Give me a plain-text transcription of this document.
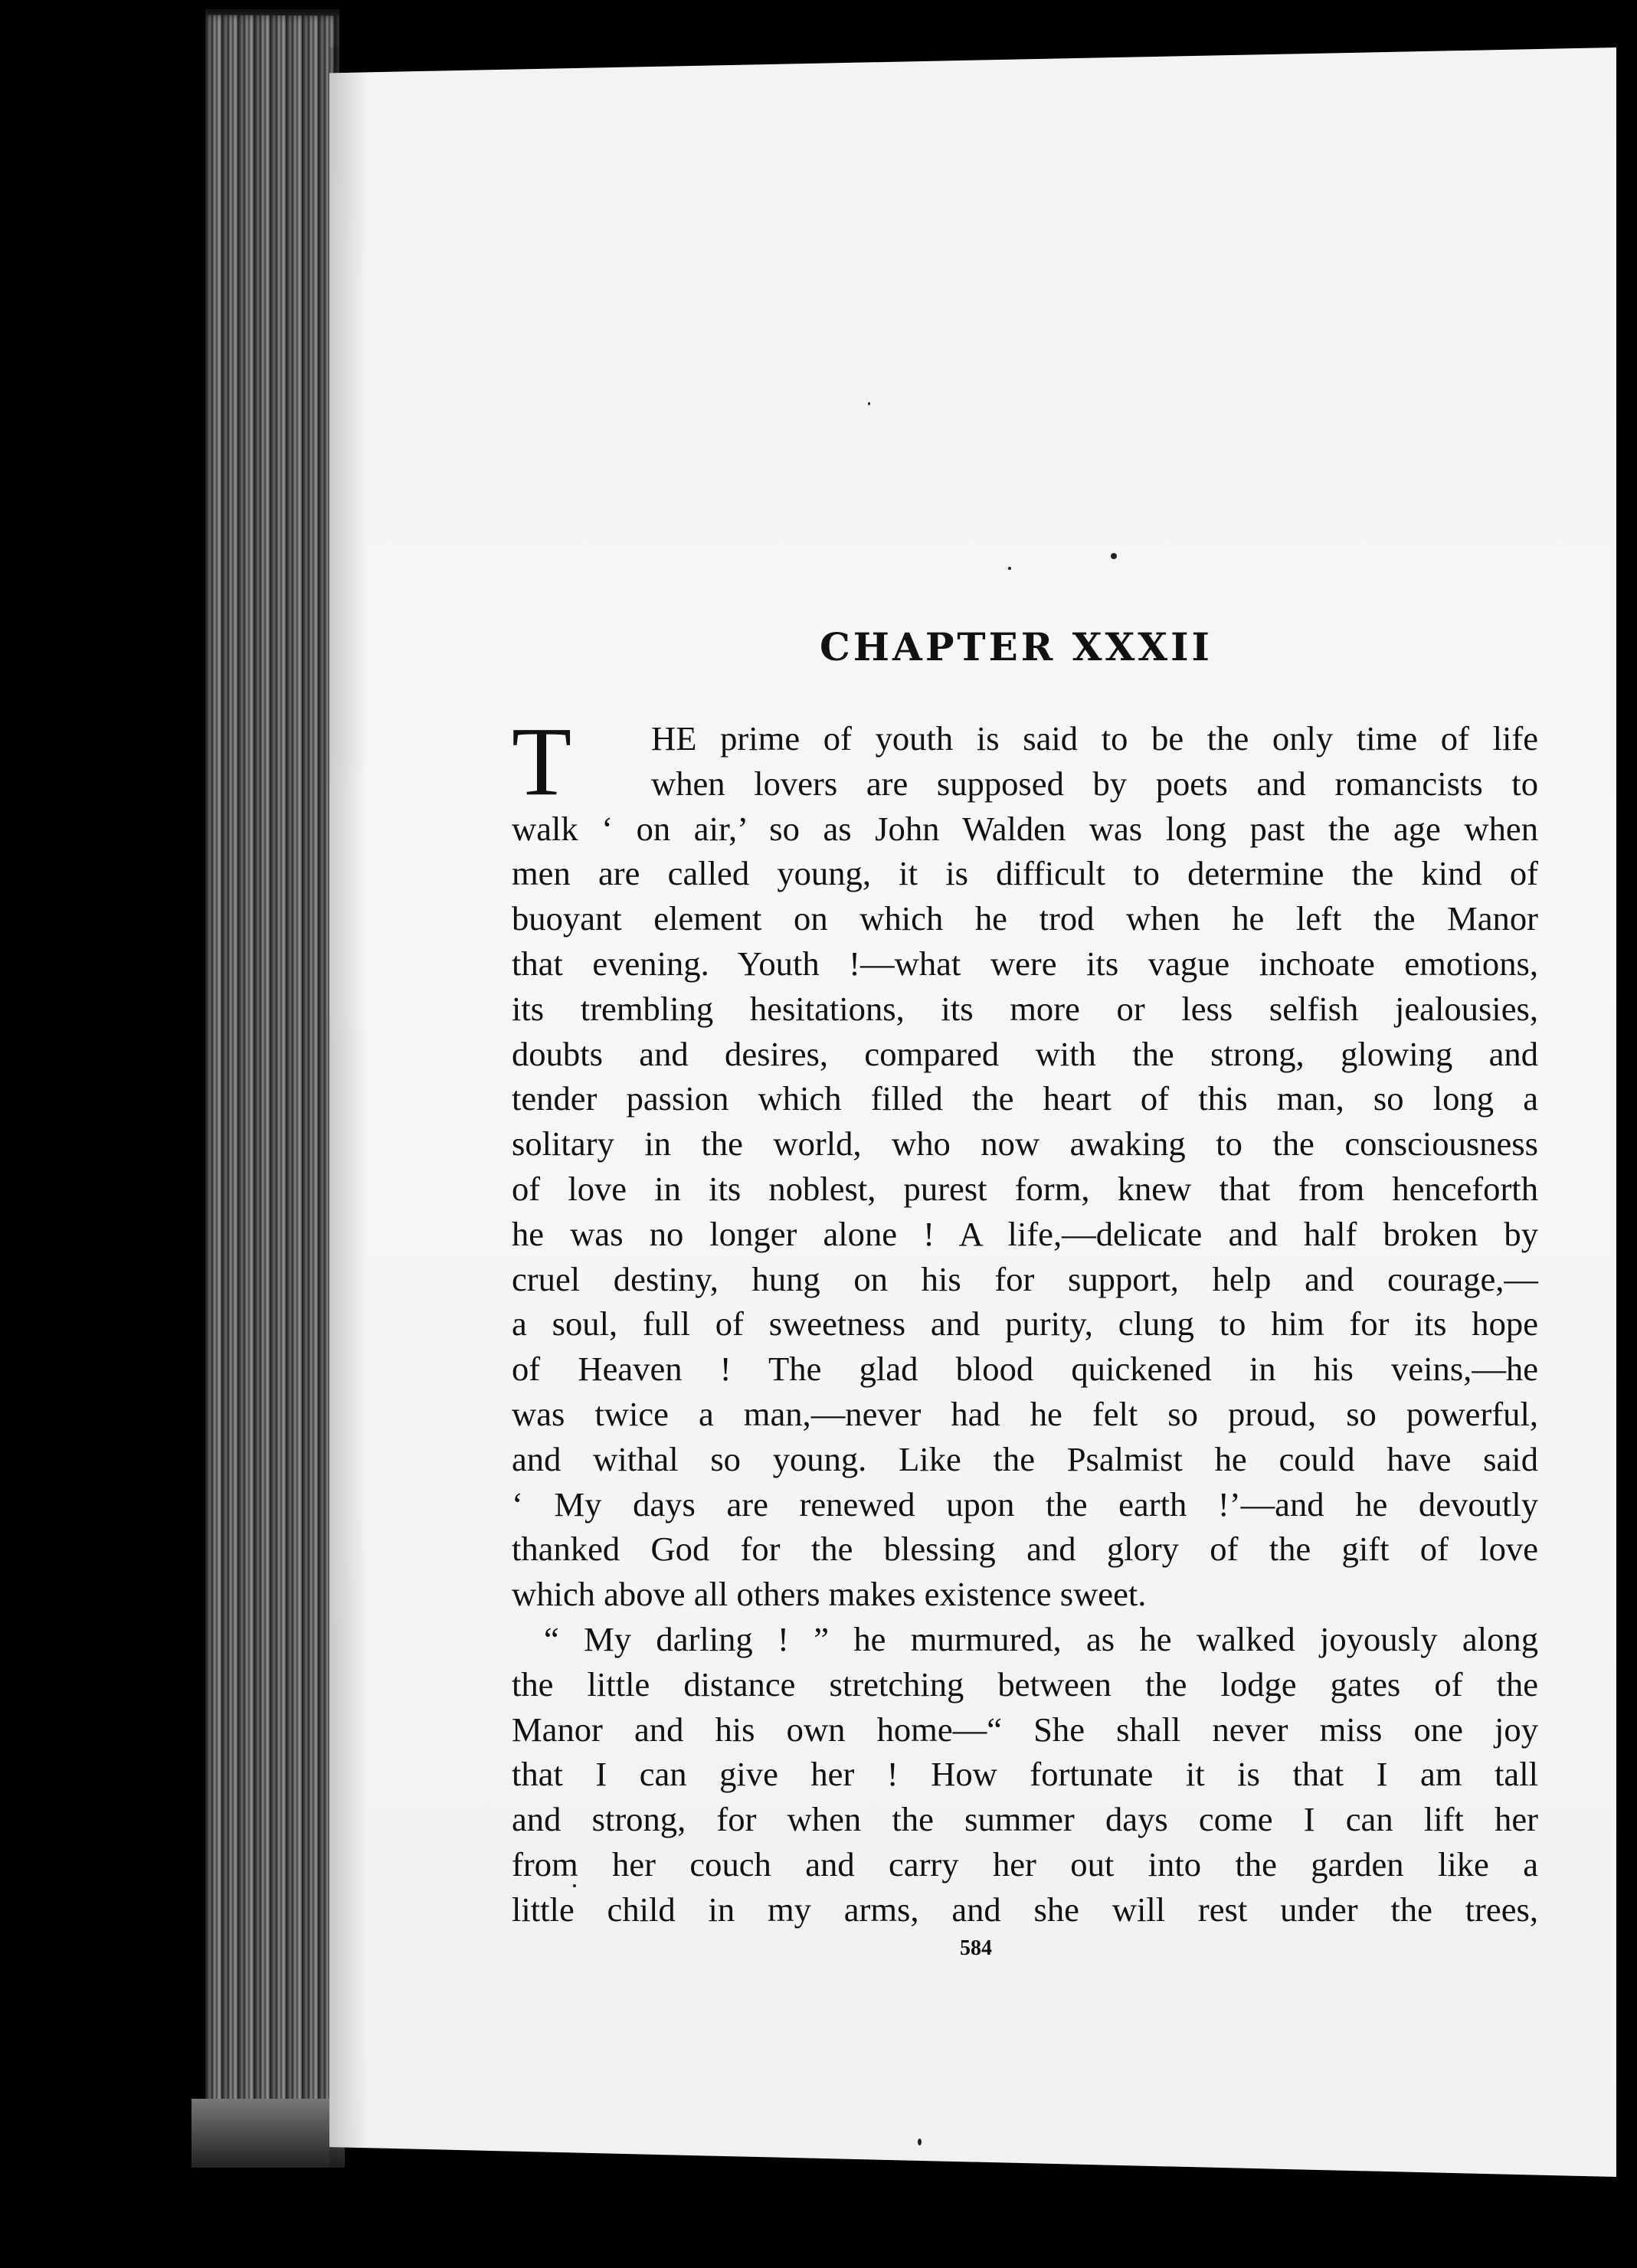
CHAPTER XXXII
T	HE prime of youth is said to be the only time of life
when lovers are supposed by poets and romancists to
walk ‘ on air,’ so as John Walden was long past the age when
men are called young, it is difficult to determine the kind of
buoyant element on which he trod when he left the Manor
that evening. Youth !—what were its vague inchoate emotions,
its trembling hesitations, its more or less selfish jealousies,
doubts and desires, compared with the strong, glowing and
tender passion which filled the heart of this man, so long a
solitary in the world, who now awaking to the consciousness
of love in its noblest, purest form, knew that from henceforth
he was no longer alone ! A life,—delicate and half broken by
cruel destiny, hung on his for support, help and courage,—
a soul, full of sweetness and purity, clung to him for its hope
of Heaven ! The glad blood quickened in his veins,—he
was twice a man,—never had he felt so proud, so powerful,
and withal so young. Like the Psalmist he could have said
‘ My days are renewed upon the earth !’—and he devoutly
thanked God for the blessing and glory of the gift of love
which above all others makes existence sweet.
“ My darling ! ” he murmured, as he walked joyously along
the little distance stretching between the lodge gates of the
Manor and his own home—“ She shall never miss one joy
that I can give her ! How fortunate it is that I am tall
and strong, for when the summer days come I can lift her
from her couch and carry her out into the garden like a
little child in my arms, and she will rest under the trees,
584
